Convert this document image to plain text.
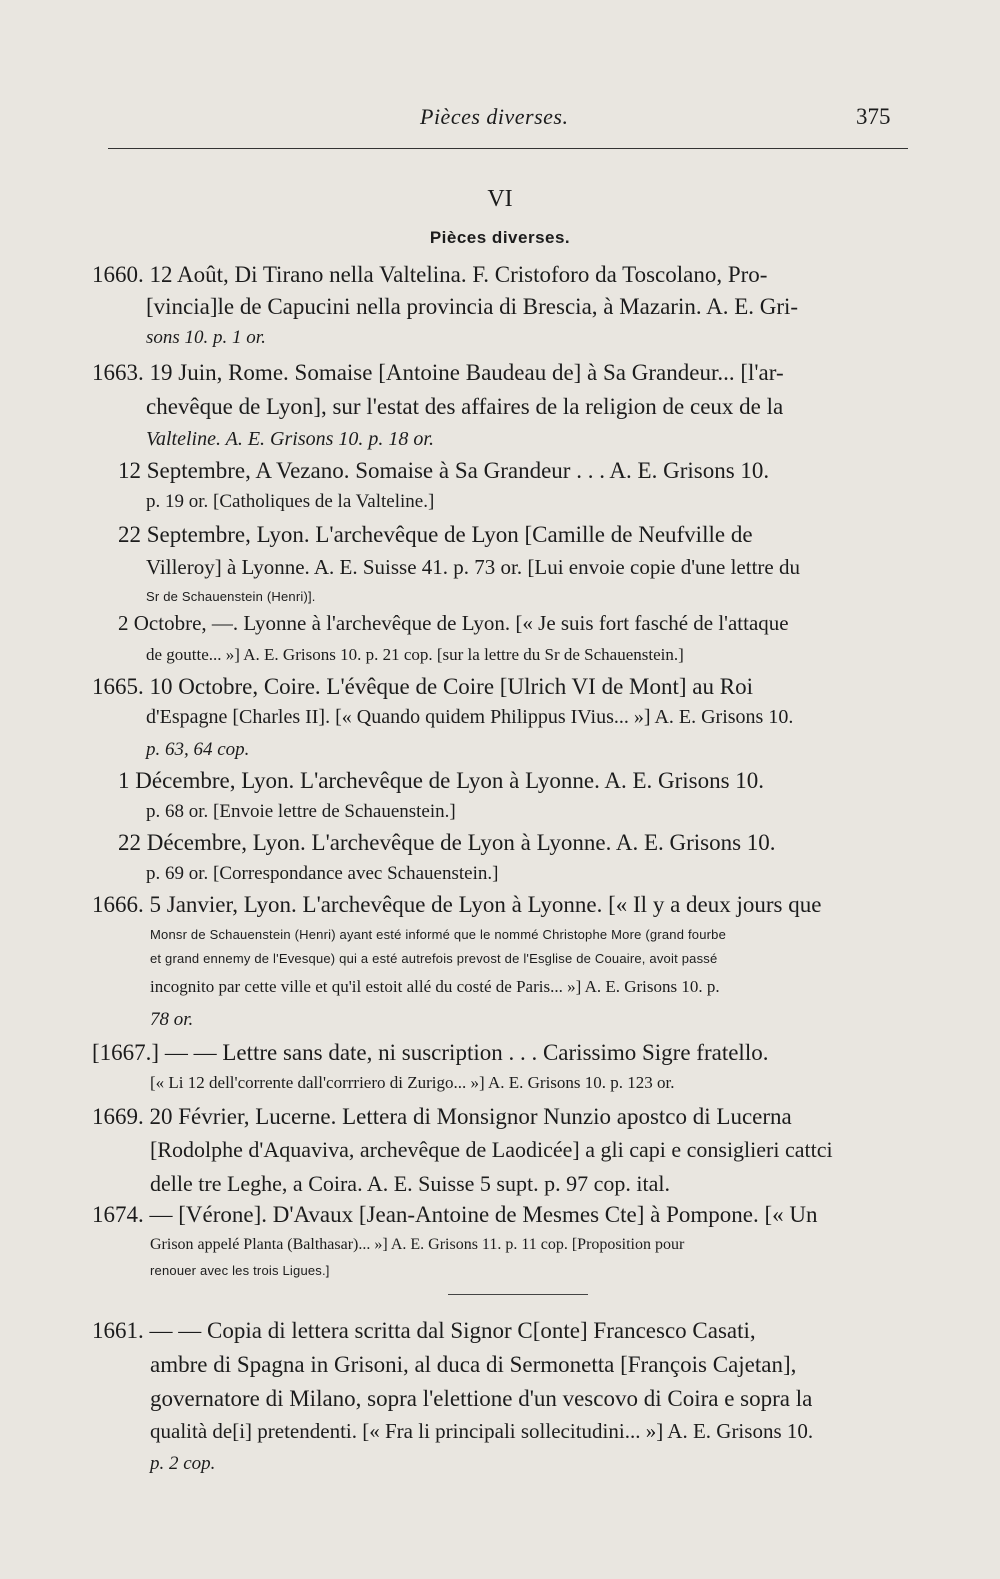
Pièces diverses.	375
VI
Pièces diverses.
1660. 12 Août, Di Tirano nella Valtelina. F. Cristoforo da Toscolano, Pro-
[vincia]le de Capucini nella provincia di Brescia, à Mazarin. A. E. Gri-
sons 10. p. 1 or.
1663. 19 Juin, Rome. Somaise [Antoine Baudeau de] à Sa Grandeur... [l'ar-
chevêque de Lyon], sur l'estat des affaires de la religion de ceux de la
Valteline. A. E. Grisons 10. p. 18 or.
12 Septembre, A Vezano. Somaise à Sa Grandeur . . . A. E. Grisons 10.
p. 19 or. [Catholiques de la Valteline.]
22 Septembre, Lyon. L'archevêque de Lyon [Camille de Neufville de
Villeroy] à Lyonne. A. E. Suisse 41. p. 73 or. [Lui envoie copie d'une lettre du
Sr de Schauenstein (Henri)].
2 Octobre, —. Lyonne à l'archevêque de Lyon. [« Je suis fort fasché de l'attaque
de goutte... »] A. E. Grisons 10. p. 21 cop. [sur la lettre du Sr de Schauenstein.]
1665. 10 Octobre, Coire. L'évêque de Coire [Ulrich VI de Mont] au Roi
d'Espagne [Charles II]. [« Quando quidem Philippus IVius... »] A. E. Grisons 10.
p. 63, 64 cop.
1 Décembre, Lyon. L'archevêque de Lyon à Lyonne. A. E. Grisons 10.
p. 68 or. [Envoie lettre de Schauenstein.]
22 Décembre, Lyon. L'archevêque de Lyon à Lyonne. A. E. Grisons 10.
p. 69 or. [Correspondance avec Schauenstein.]
1666. 5 Janvier, Lyon. L'archevêque de Lyon à Lyonne. [« Il y a deux jours que
Monsr de Schauenstein (Henri) ayant esté informé que le nommé Christophe More (grand fourbe
et grand ennemy de l'Evesque) qui a esté autrefois prevost de l'Esglise de Couaire, avoit passé
incognito par cette ville et qu'il estoit allé du costé de Paris... »] A. E. Grisons 10. p.
78 or.
[1667.] — — Lettre sans date, ni suscription . . . Carissimo Sigre fratello.
[« Li 12 dell'corrente dall'corrriero di Zurigo... »] A. E. Grisons 10. p. 123 or.
1669. 20 Février, Lucerne. Lettera di Monsignor Nunzio apostco di Lucerna
[Rodolphe d'Aquaviva, archevêque de Laodicée] a gli capi e consiglieri cattci
delle tre Leghe, a Coira. A. E. Suisse 5 supt. p. 97 cop. ital.
1674. — [Vérone]. D'Avaux [Jean-Antoine de Mesmes Cte] à Pompone. [« Un
Grison appelé Planta (Balthasar)... »] A. E. Grisons 11. p. 11 cop. [Proposition pour
renouer avec les trois Ligues.]
1661. — — Copia di lettera scritta dal Signor C[onte] Francesco Casati,
ambre di Spagna in Grisoni, al duca di Sermonetta [François Cajetan],
governatore di Milano, sopra l'elettione d'un vescovo di Coira e sopra la
qualità de[i] pretendenti. [« Fra li principali sollecitudini... »] A. E. Grisons 10.
p. 2 cop.
